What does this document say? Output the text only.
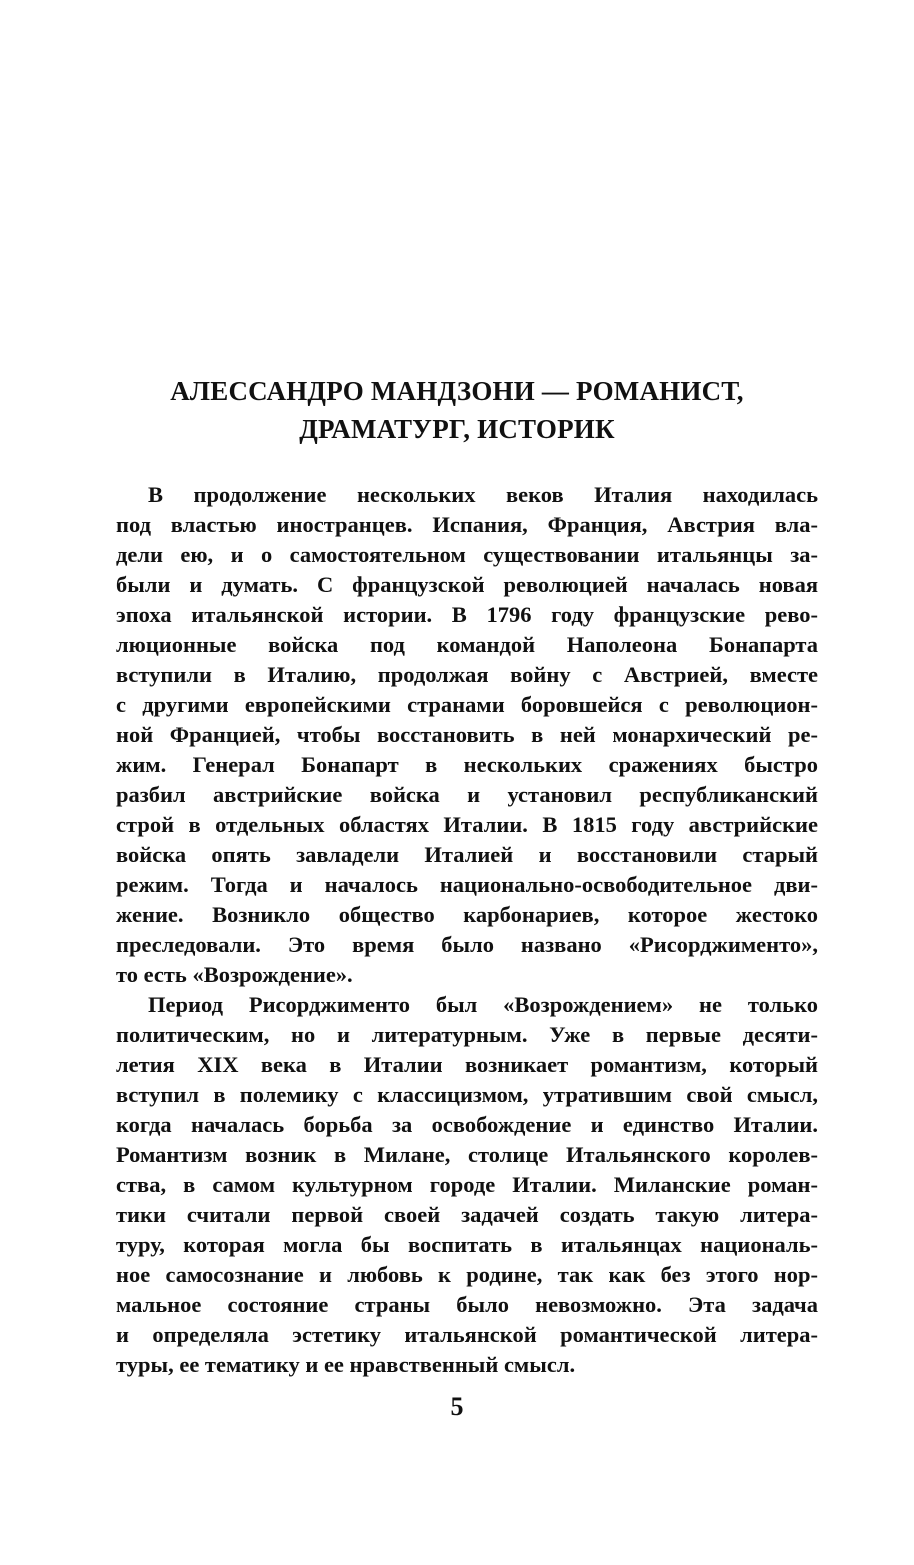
АЛЕССАНДРО МАНДЗОНИ — РОМАНИСТ,
ДРАМАТУРГ, ИСТОРИК
В продолжение нескольких веков Италия находилась
под властью иностранцев. Испания, Франция, Австрия вла-
дели ею, и о самостоятельном существовании итальянцы за-
были и думать. С французской революцией началась новая
эпоха итальянской истории. В 1796 году французские рево-
люционные войска под командой Наполеона Бонапарта
вступили в Италию, продолжая войну с Австрией, вместе
с другими европейскими странами боровшейся с революцион-
ной Францией, чтобы восстановить в ней монархический ре-
жим. Генерал Бонапарт в нескольких сражениях быстро
разбил австрийские войска и установил республиканский
строй в отдельных областях Италии. В 1815 году австрийские
войска опять завладели Италией и восстановили старый
режим. Тогда и началось национально-освободительное дви-
жение. Возникло общество карбонариев, которое жестоко
преследовали. Это время было названо «Рисорджименто»,
то есть «Возрождение».
Период Рисорджименто был «Возрождением» не только
политическим, но и литературным. Уже в первые десяти-
летия XIX века в Италии возникает романтизм, который
вступил в полемику с классицизмом, утратившим свой смысл,
когда началась борьба за освобождение и единство Италии.
Романтизм возник в Милане, столице Итальянского королев-
ства, в самом культурном городе Италии. Миланские роман-
тики считали первой своей задачей создать такую литера-
туру, которая могла бы воспитать в итальянцах националь-
ное самосознание и любовь к родине, так как без этого нор-
мальное состояние страны было невозможно. Эта задача
и определяла эстетику итальянской романтической литера-
туры, ее тематику и ее нравственный смысл.
5
